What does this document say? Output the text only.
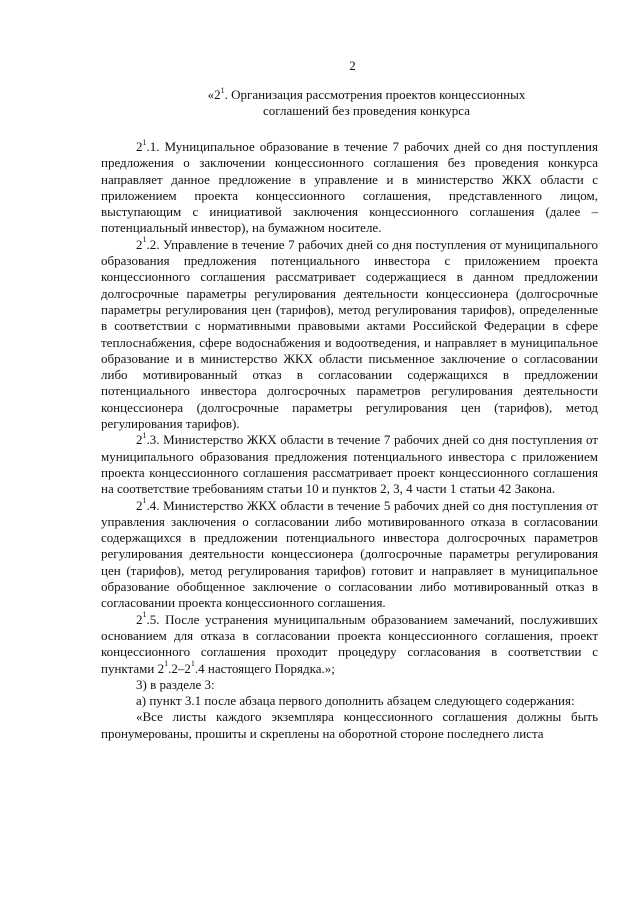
2
«$2^1$. Организация рассмотрения проектов концессионных
соглашений без проведения конкурса

$2^1.1$. Муниципальное образование в течение 7 рабочих дней со дня поступления предложения о заключении концессионного соглашения без проведения конкурса направляет данное предложение в управление и в министерство ЖКХ области с приложением проекта концессионного соглашения, представленного лицом, выступающим с инициативой заключения концессионного соглашения (далее – потенциальный инвестор), на бумажном носителе.

$2^1.2$. Управление в течение 7 рабочих дней со дня поступления от муниципального образования предложения потенциального инвестора с приложением проекта концессионного соглашения рассматривает содержащиеся в данном предложении долгосрочные параметры регулирования деятельности концессионера (долгосрочные параметры регулирования цен (тарифов), метод регулирования тарифов), определенные в соответствии с нормативными правовыми актами Российской Федерации в сфере теплоснабжения, сфере водоснабжения и водоотведения, и направляет в муниципальное образование и в министерство ЖКХ области письменное заключение о согласовании либо мотивированный отказ в согласовании содержащихся в предложении потенциального инвестора долгосрочных параметров регулирования деятельности концессионера (долгосрочные параметры регулирования цен (тарифов), метод регулирования тарифов).

$2^1.3$. Министерство ЖКХ области в течение 7 рабочих дней со дня поступления от муниципального образования предложения потенциального инвестора с приложением проекта концессионного соглашения рассматривает проект концессионного соглашения на соответствие требованиям статьи 10 и пунктов 2, 3, 4 части 1 статьи 42 Закона.

$2^1.4$. Министерство ЖКХ области в течение 5 рабочих дней со дня поступления от управления заключения о согласовании либо мотивированного отказа в согласовании содержащихся в предложении потенциального инвестора долгосрочных параметров регулирования деятельности концессионера (долгосрочные параметры регулирования цен (тарифов), метод регулирования тарифов) готовит и направляет в муниципальное образование обобщенное заключение о согласовании либо мотивированный отказ в согласовании проекта концессионного соглашения.

$2^1.5$. После устранения муниципальным образованием замечаний, послуживших основанием для отказа в согласовании проекта концессионного соглашения, проект концессионного соглашения проходит процедуру согласования в соответствии с пунктами $2^1.2-2^1.4$ настоящего Порядка.»;

3) в разделе 3:

а) пункт 3.1 после абзаца первого дополнить абзацем следующего содержания:

«Все листы каждого экземпляра концессионного соглашения должны быть пронумерованы, прошиты и скреплены на оборотной стороне последнего листа
